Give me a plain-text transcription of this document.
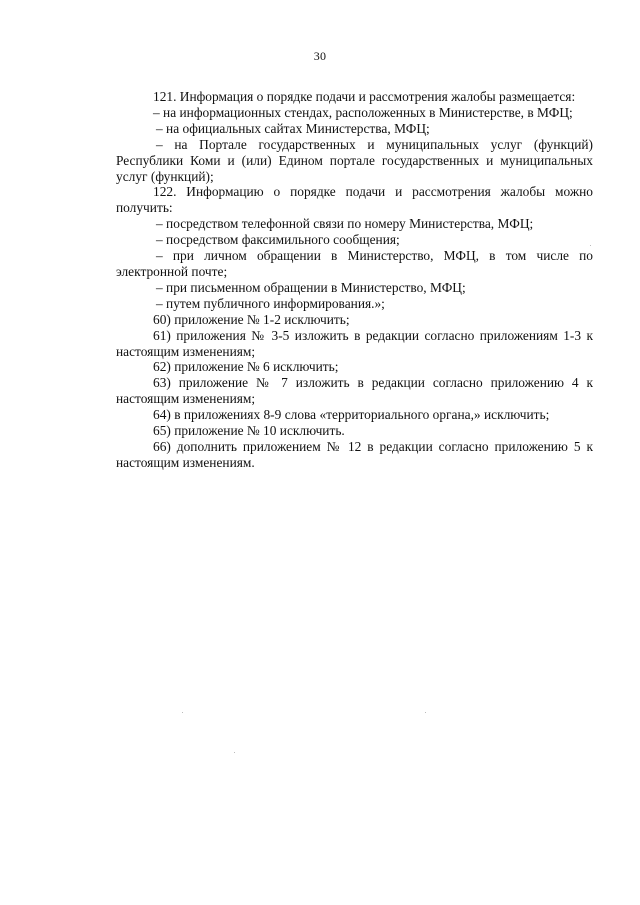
30

121. Информация о порядке подачи и рассмотрения жалобы размещается:

– на информационных стендах, расположенных в Министерстве, в МФЦ;

– на официальных сайтах Министерства, МФЦ;

– на Портале государственных и муниципальных услуг (функций) Республики Коми и (или) Едином портале государственных и муниципальных услуг (функций);

122. Информацию о порядке подачи и рассмотрения жалобы можно получить:

– посредством телефонной связи по номеру Министерства, МФЦ;

– посредством факсимильного сообщения;

– при личном обращении в Министерство, МФЦ, в том числе по электронной почте;

– при письменном обращении в Министерство, МФЦ;

– путем публичного информирования.»;

60) приложение № 1-2 исключить;

61) приложения № 3-5 изложить в редакции согласно приложениям 1-3 к настоящим изменениям;

62) приложение № 6 исключить;

63) приложение № 7 изложить в редакции согласно приложению 4 к настоящим изменениям;

64) в приложениях 8-9 слова «территориального органа,» исключить;

65) приложение № 10 исключить.

66) дополнить приложением № 12 в редакции согласно приложению 5 к настоящим изменениям.
